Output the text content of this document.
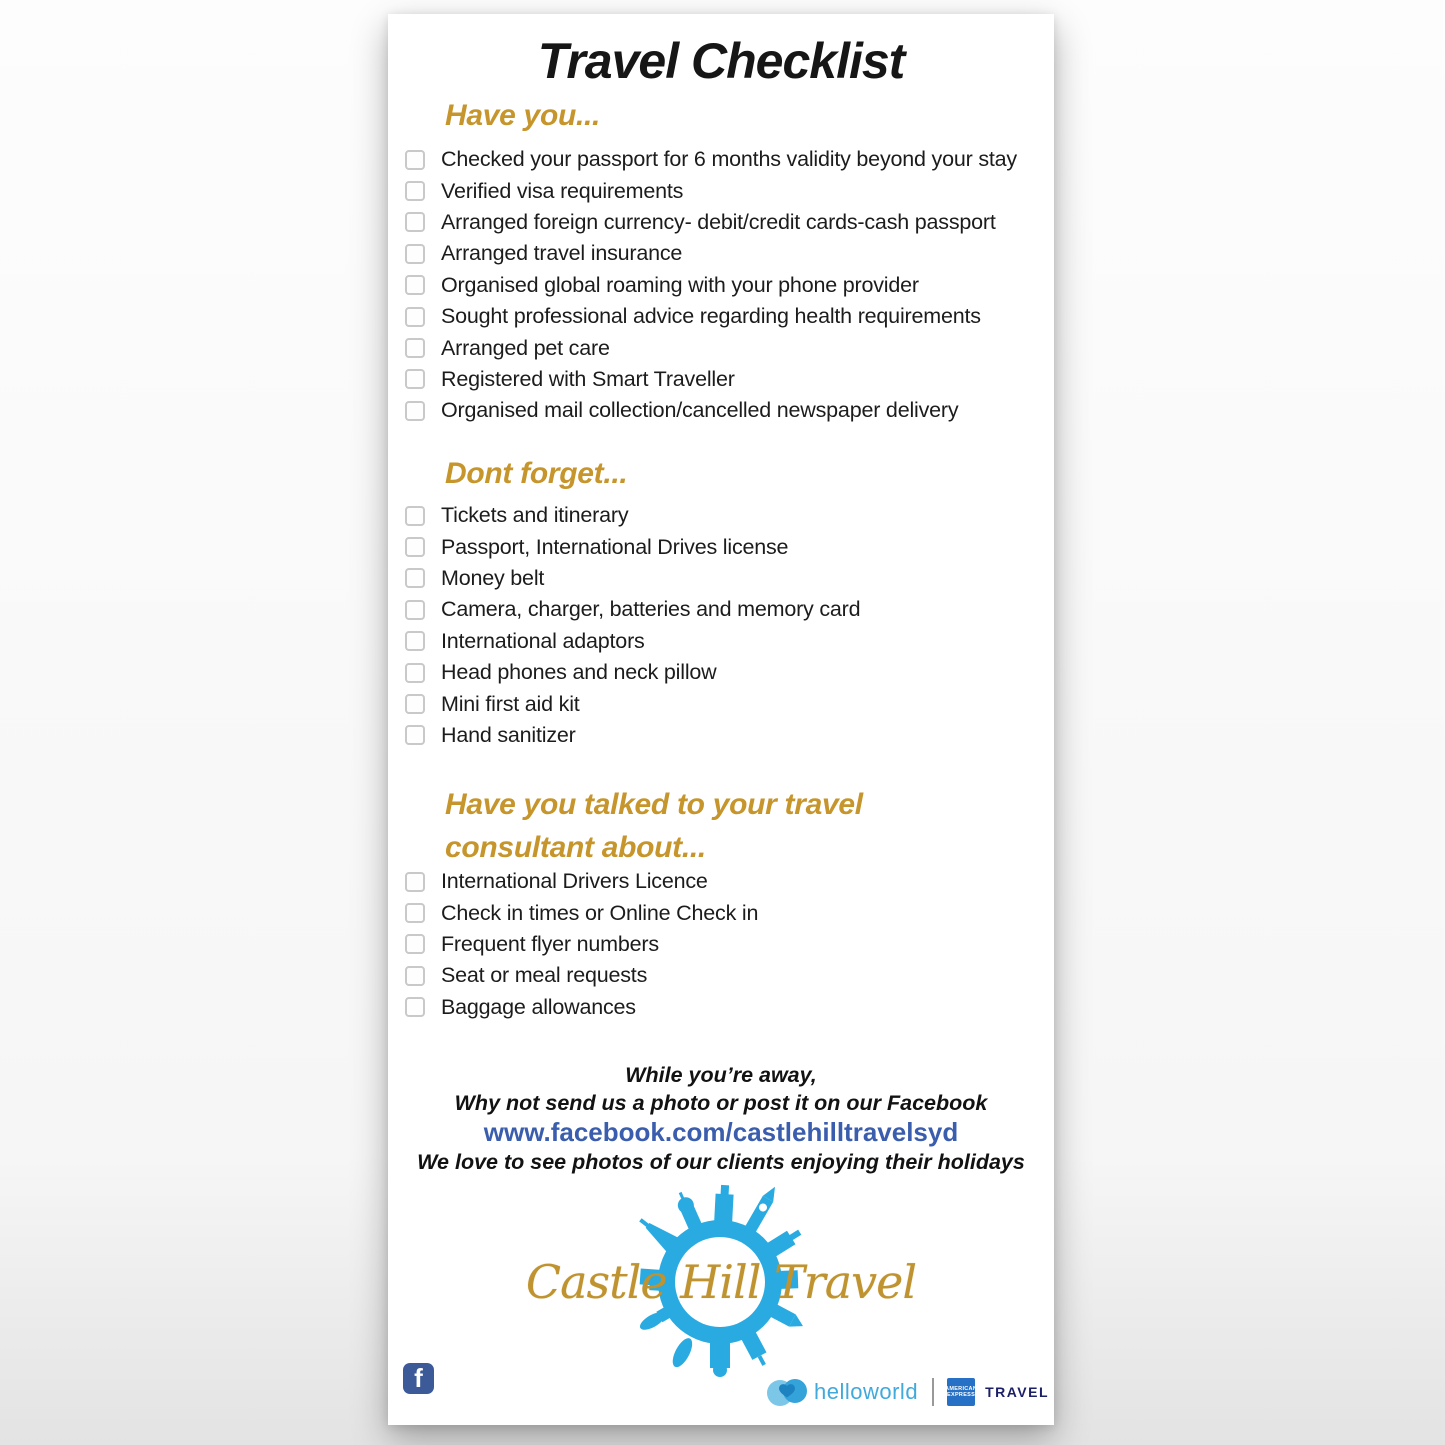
Travel Checklist
Have you...
Checked your passport for 6 months validity beyond your stay
Verified visa requirements
Arranged foreign currency- debit/credit cards-cash passport
Arranged travel insurance
Organised global roaming with your phone provider
Sought professional advice regarding health requirements
Arranged pet care
Registered with Smart Traveller
Organised mail collection/cancelled newspaper delivery
Dont forget...
Tickets and itinerary
Passport, International Drives license
Money belt
Camera, charger, batteries and memory card
International adaptors
Head phones and neck pillow
Mini first aid kit
Hand sanitizer
Have you talked to your travel consultant about...
International Drivers Licence
Check in times or Online Check in
Frequent flyer numbers
Seat or meal requests
Baggage allowances

While you’re away,

Why not send us a photo or post it on our Facebook

www.facebook.com/castlehilltravelsyd

We love to see photos of our clients enjoying their holidays

Castle Hill Travel
f	helloworld	AMERICAN
EXPRESS TRAVEL
